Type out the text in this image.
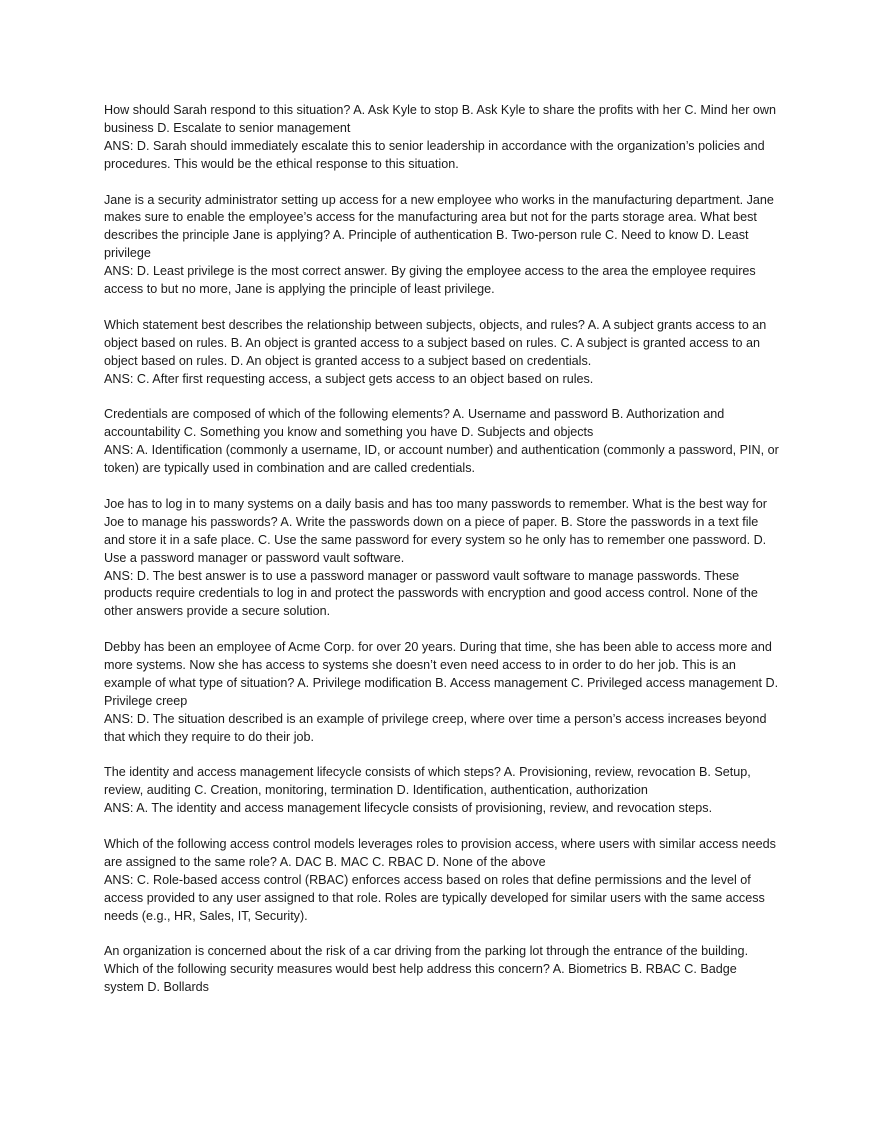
How should Sarah respond to this situation? A. Ask Kyle to stop B. Ask Kyle to share the profits with her C. Mind her own business D. Escalate to senior management

ANS: D. Sarah should immediately escalate this to senior leadership in accordance with the organization’s policies and procedures. This would be the ethical response to this situation.

Jane is a security administrator setting up access for a new employee who works in the manufacturing department. Jane makes sure to enable the employee’s access for the manufacturing area but not for the parts storage area. What best describes the principle Jane is applying? A. Principle of authentication B. Two-person rule C. Need to know D. Least privilege

ANS: D. Least privilege is the most correct answer. By giving the employee access to the area the employee requires access to but no more, Jane is applying the principle of least privilege.

Which statement best describes the relationship between subjects, objects, and rules? A. A subject grants access to an object based on rules. B. An object is granted access to a subject based on rules. C. A subject is granted access to an object based on rules. D. An object is granted access to a subject based on credentials.

ANS: C. After first requesting access, a subject gets access to an object based on rules.

Credentials are composed of which of the following elements? A. Username and password B. Authorization and accountability C. Something you know and something you have D. Subjects and objects

ANS: A. Identification (commonly a username, ID, or account number) and authentication (commonly a password, PIN, or token) are typically used in combination and are called credentials.

Joe has to log in to many systems on a daily basis and has too many passwords to remember. What is the best way for Joe to manage his passwords? A. Write the passwords down on a piece of paper. B. Store the passwords in a text file and store it in a safe place. C. Use the same password for every system so he only has to remember one password. D. Use a password manager or password vault software.

ANS: D. The best answer is to use a password manager or password vault software to manage passwords. These products require credentials to log in and protect the passwords with encryption and good access control. None of the other answers provide a secure solution.

Debby has been an employee of Acme Corp. for over 20 years. During that time, she has been able to access more and more systems. Now she has access to systems she doesn’t even need access to in order to do her job. This is an example of what type of situation? A. Privilege modification B. Access management C. Privileged access management D. Privilege creep

ANS: D. The situation described is an example of privilege creep, where over time a person’s access increases beyond that which they require to do their job.

The identity and access management lifecycle consists of which steps? A. Provisioning, review, revocation B. Setup, review, auditing C. Creation, monitoring, termination D. Identification, authentication, authorization

ANS: A. The identity and access management lifecycle consists of provisioning, review, and revocation steps.

Which of the following access control models leverages roles to provision access, where users with similar access needs are assigned to the same role? A. DAC B. MAC C. RBAC D. None of the above

ANS: C. Role-based access control (RBAC) enforces access based on roles that define permissions and the level of access provided to any user assigned to that role. Roles are typically developed for similar users with the same access needs (e.g., HR, Sales, IT, Security).

An organization is concerned about the risk of a car driving from the parking lot through the entrance of the building. Which of the following security measures would best help address this concern? A. Biometrics B. RBAC C. Badge system D. Bollards
